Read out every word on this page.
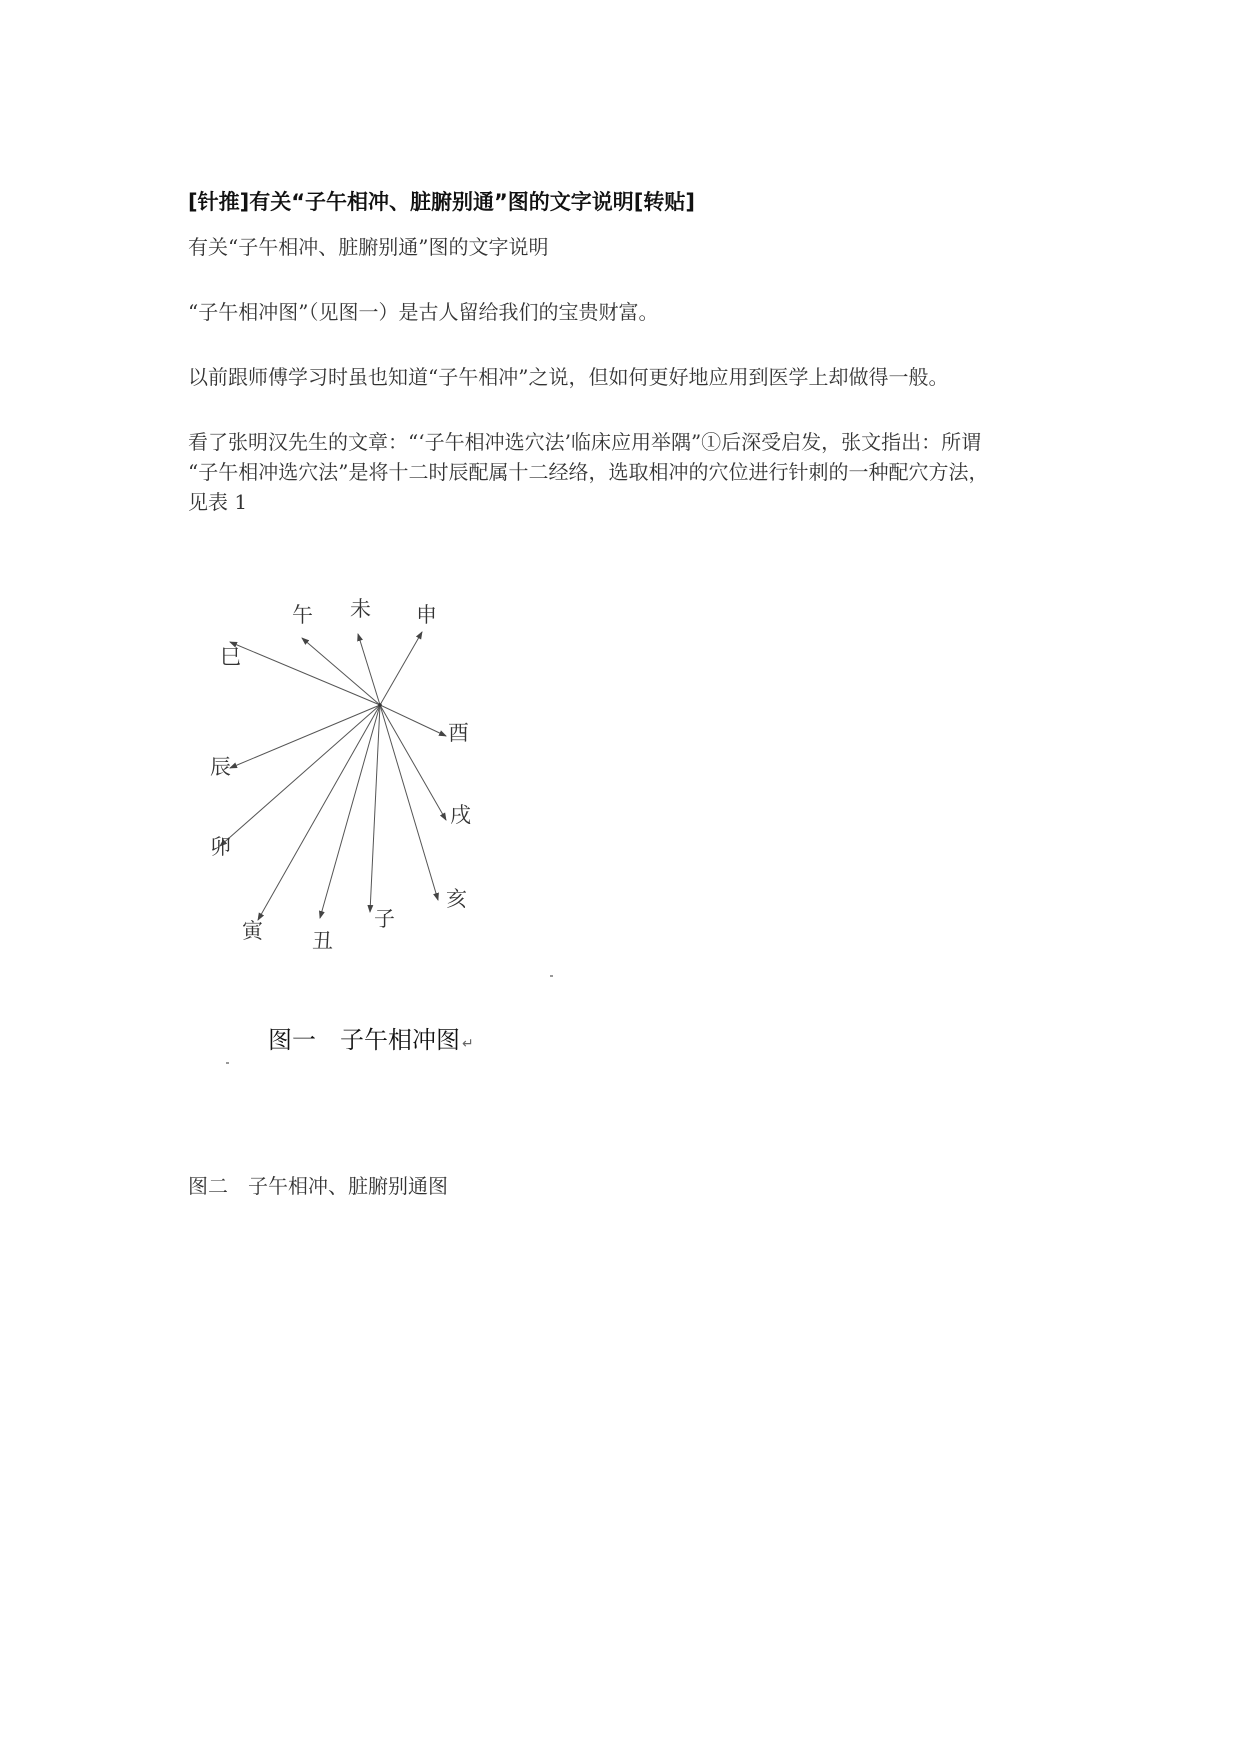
[针推]有关“子午相冲、脏腑别通”图的文字说明[转贴]
有关“子午相冲、脏腑别通”图的文字说明
“子午相冲图”（见图一）是古人留给我们的宝贵财富。
以前跟师傅学习时虽也知道“子午相冲”之说，但如何更好地应用到医学上却做得一般。
看了张明汉先生的文章：“‘子午相冲选穴法’临床应用举隅”①后深受启发，张文指出：所谓
“子午相冲选穴法”是将十二时辰配属十二经络，选取相冲的穴位进行针刺的一种配穴方法，
见表 1
巳
午 未 申
酉
戌
亥
子
丑
寅
卯
辰
图一　子午相冲图 ↵
图二　子午相冲、脏腑别通图
